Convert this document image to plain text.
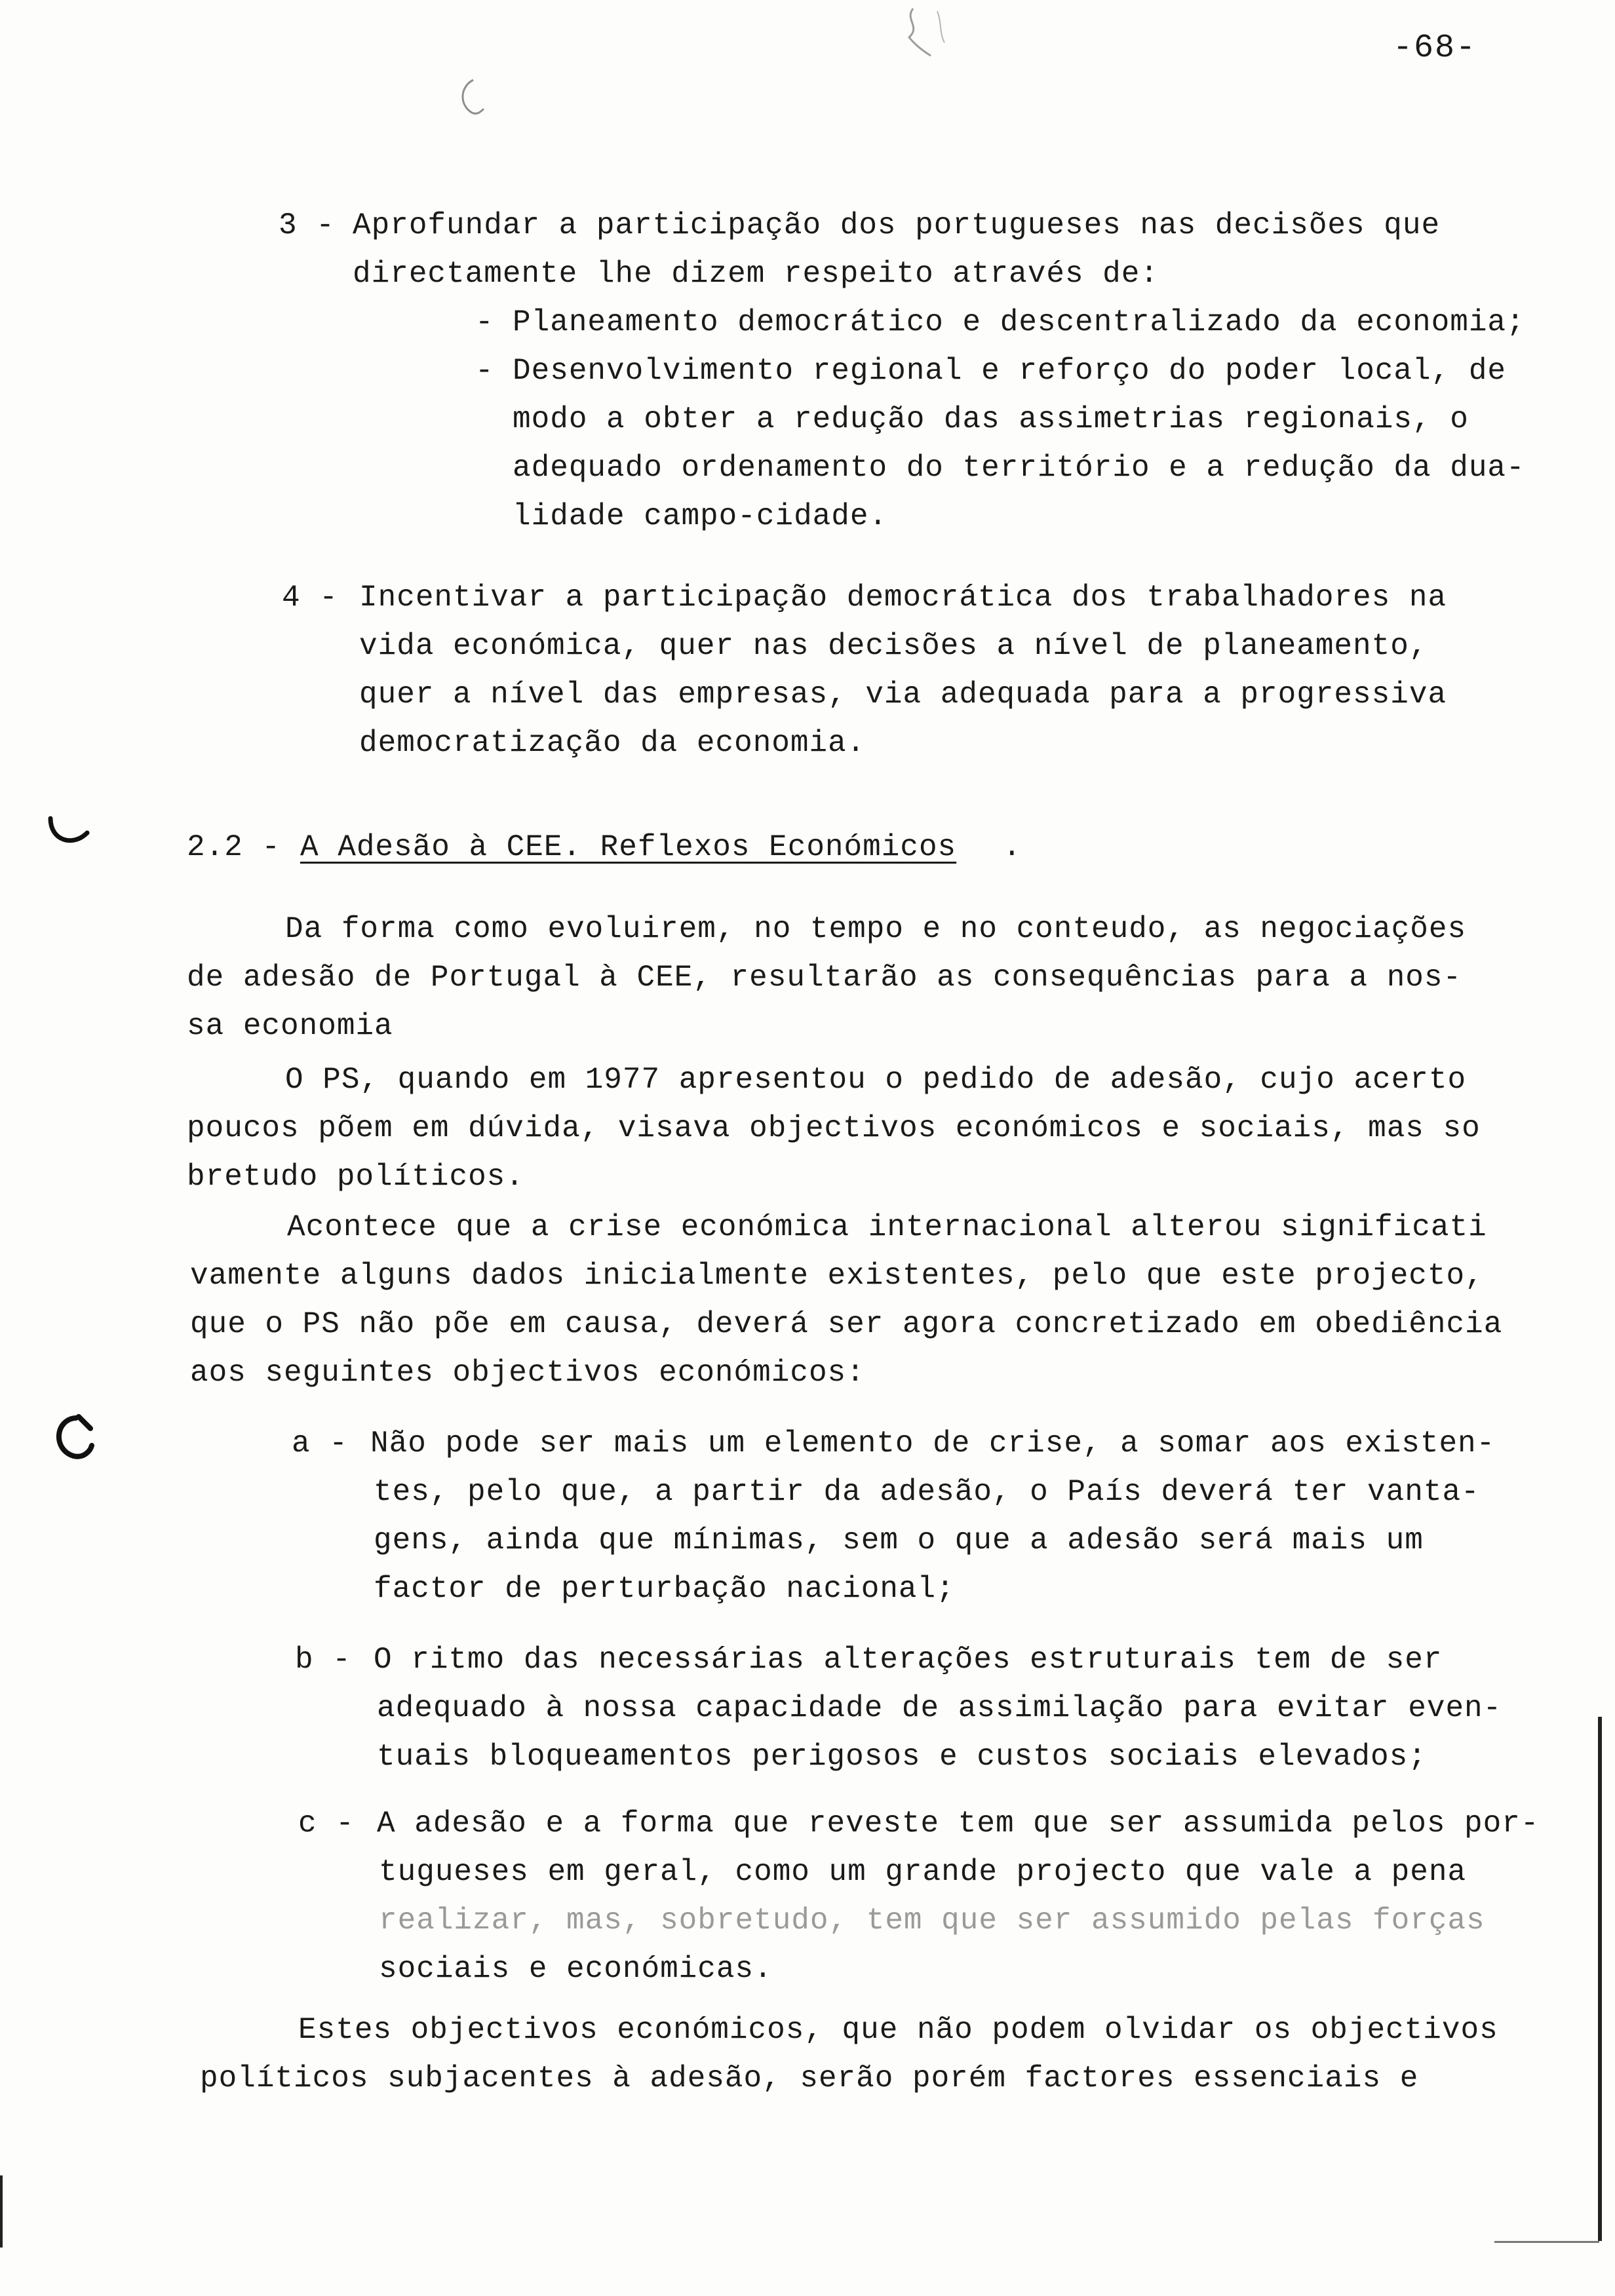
-68-
3 - Aprofundar a participação dos portugueses nas decisões que
directamente lhe dizem respeito através de:
- Planeamento democrático e descentralizado da economia;
- Desenvolvimento regional e reforço do poder local, de
modo a obter a redução das assimetrias regionais, o
adequado ordenamento do território e a redução da dua-
lidade campo-cidade.
4 - Incentivar a participação democrática dos trabalhadores na
vida económica, quer nas decisões a nível de planeamento,
quer a nível das empresas, via adequada para a progressiva
democratização da economia.
2.2 - A Adesão à CEE. Reflexos Económicos .
Da forma como evoluirem, no tempo e no conteudo, as negociações
de adesão de Portugal à CEE, resultarão as consequências para a nos-
sa economia
O PS, quando em 1977 apresentou o pedido de adesão, cujo acerto
poucos põem em dúvida, visava objectivos económicos e sociais, mas so
bretudo políticos.
Acontece que a crise económica internacional alterou significati
vamente alguns dados inicialmente existentes, pelo que este projecto,
que o PS não põe em causa, deverá ser agora concretizado em obediência
aos seguintes objectivos económicos:
a - Não pode ser mais um elemento de crise, a somar aos existen-
tes, pelo que, a partir da adesão, o País deverá ter vanta-
gens, ainda que mínimas, sem o que a adesão será mais um
factor de perturbação nacional;
b - O ritmo das necessárias alterações estruturais tem de ser
adequado à nossa capacidade de assimilação para evitar even-
tuais bloqueamentos perigosos e custos sociais elevados;
c - A adesão e a forma que reveste tem que ser assumida pelos por-
tugueses em geral, como um grande projecto que vale a pena
realizar, mas, sobretudo, tem que ser assumido pelas forças
sociais e económicas.
Estes objectivos económicos, que não podem olvidar os objectivos
políticos subjacentes à adesão, serão porém factores essenciais e
